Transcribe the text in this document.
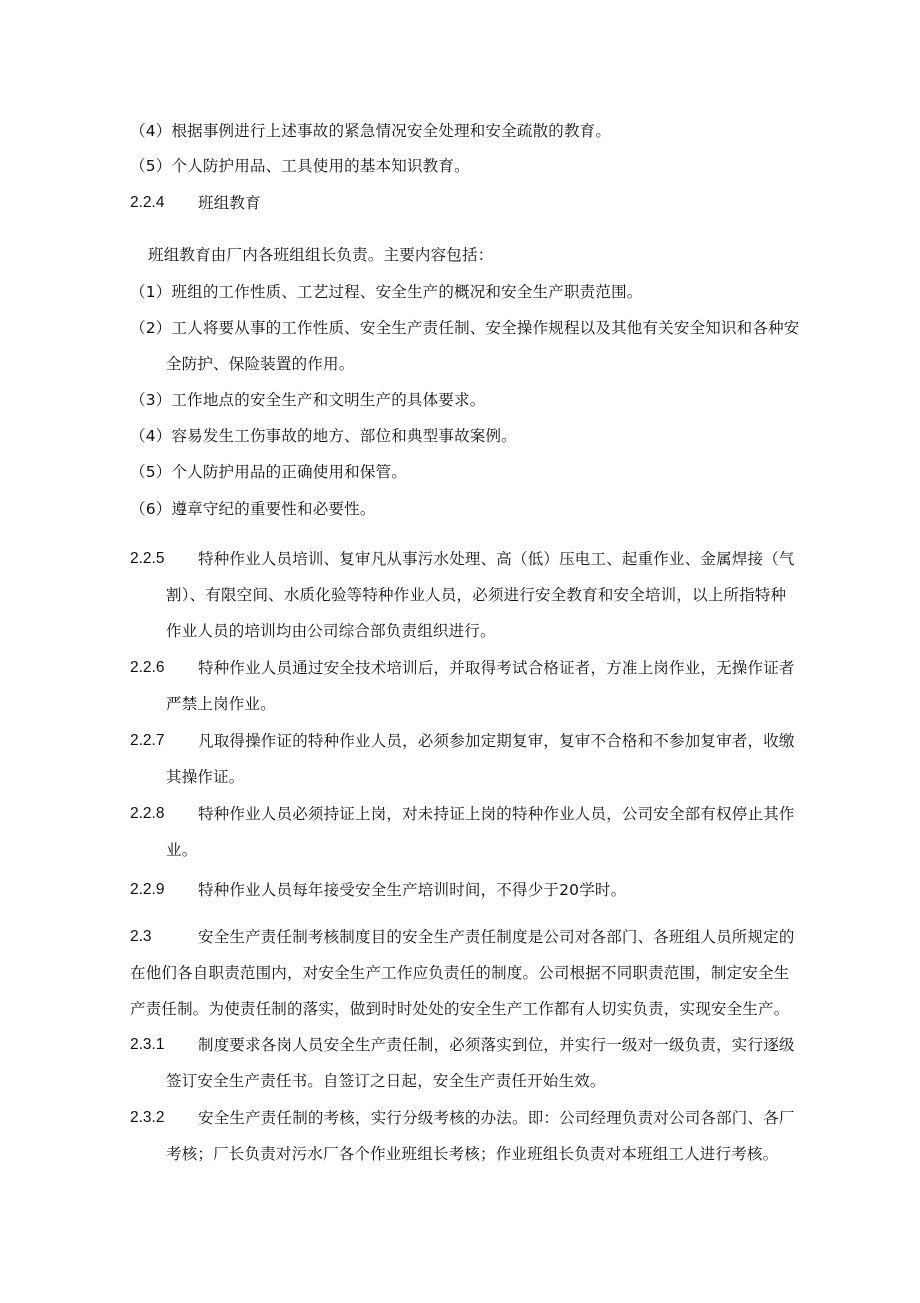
（4）根据事例进行上述事故的紧急情况安全处理和安全疏散的教育。

（5）个人防护用品、工具使用的基本知识教育。

2.2.4 班组教育

班组教育由厂内各班组组长负责。主要内容包括：

（1）班组的工作性质、工艺过程、安全生产的概况和安全生产职责范围。

（2）工人将要从事的工作性质、安全生产责任制、安全操作规程以及其他有关安全知识和各种安

全防护、保险装置的作用。

（3）工作地点的安全生产和文明生产的具体要求。

（4）容易发生工伤事故的地方、部位和典型事故案例。

（5）个人防护用品的正确使用和保管。

（6）遵章守纪的重要性和必要性。

2.2.5 特种作业人员培训、复审凡从事污水处理、高（低）压电工、起重作业、金属焊接（气

割）、有限空间、水质化验等特种作业人员，必须进行安全教育和安全培训，以上所指特种

作业人员的培训均由公司综合部负责组织进行。

2.2.6 特种作业人员通过安全技术培训后，并取得考试合格证者，方准上岗作业，无操作证者

严禁上岗作业。

2.2.7 凡取得操作证的特种作业人员，必须参加定期复审，复审不合格和不参加复审者，收缴

其操作证。

2.2.8 特种作业人员必须持证上岗，对未持证上岗的特种作业人员，公司安全部有权停止其作

业。

2.2.9 特种作业人员每年接受安全生产培训时间，不得少于20学时。

2.3	安全生产责任制考核制度目的安全生产责任制度是公司对各部门、各班组人员所规定的

在他们各自职责范围内，对安全生产工作应负责任的制度。公司根据不同职责范围，制定安全生

产责任制。为使责任制的落实，做到时时处处的安全生产工作都有人切实负责，实现安全生产。

2.3.1 制度要求各岗人员安全生产责任制，必须落实到位，并实行一级对一级负责，实行逐级

签订安全生产责任书。自签订之日起，安全生产责任开始生效。

2.3.2 安全生产责任制的考核，实行分级考核的办法。即：公司经理负责对公司各部门、各厂

考核；厂长负责对污水厂各个作业班组长考核；作业班组长负责对本班组工人进行考核。
